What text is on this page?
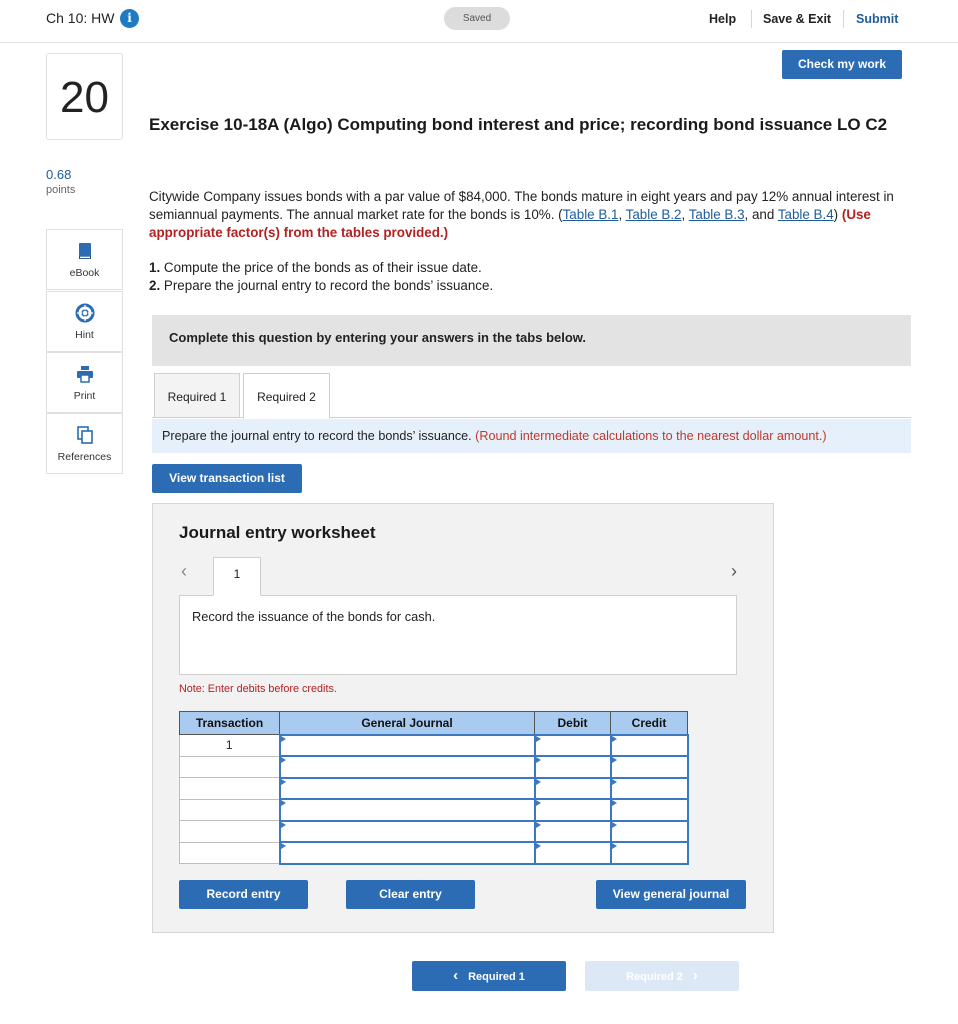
Ch 10: HW	i	Saved	Help Save & Exit Submit
Check my work
20
0.68
points
eBook
Hint
Print
References
Exercise 10-18A (Algo) Computing bond interest and price; recording bond issuance LO C2
Citywide Company issues bonds with a par value of $84,000. The bonds mature in eight years and pay 12% annual interest in semiannual payments. The annual market rate for the bonds is 10%. (Table B.1, Table B.2, Table B.3, and Table B.4) (Use appropriate factor(s) from the tables provided.)
1. Compute the price of the bonds as of their issue date.
2. Prepare the journal entry to record the bonds’ issuance.
Complete this question by entering your answers in the tabs below.
Required 1	Required 2
Prepare the journal entry to record the bonds’ issuance. (Round intermediate calculations to the nearest dollar amount.)
View transaction list
Journal entry worksheet
‹	›
1
Record the issuance of the bonds for cash.
Note: Enter debits before credits.
Transaction	General Journal	Debit	Credit
1			

Record entry	Clear entry	View general journal
‹ Required 1	Required 2 ›
